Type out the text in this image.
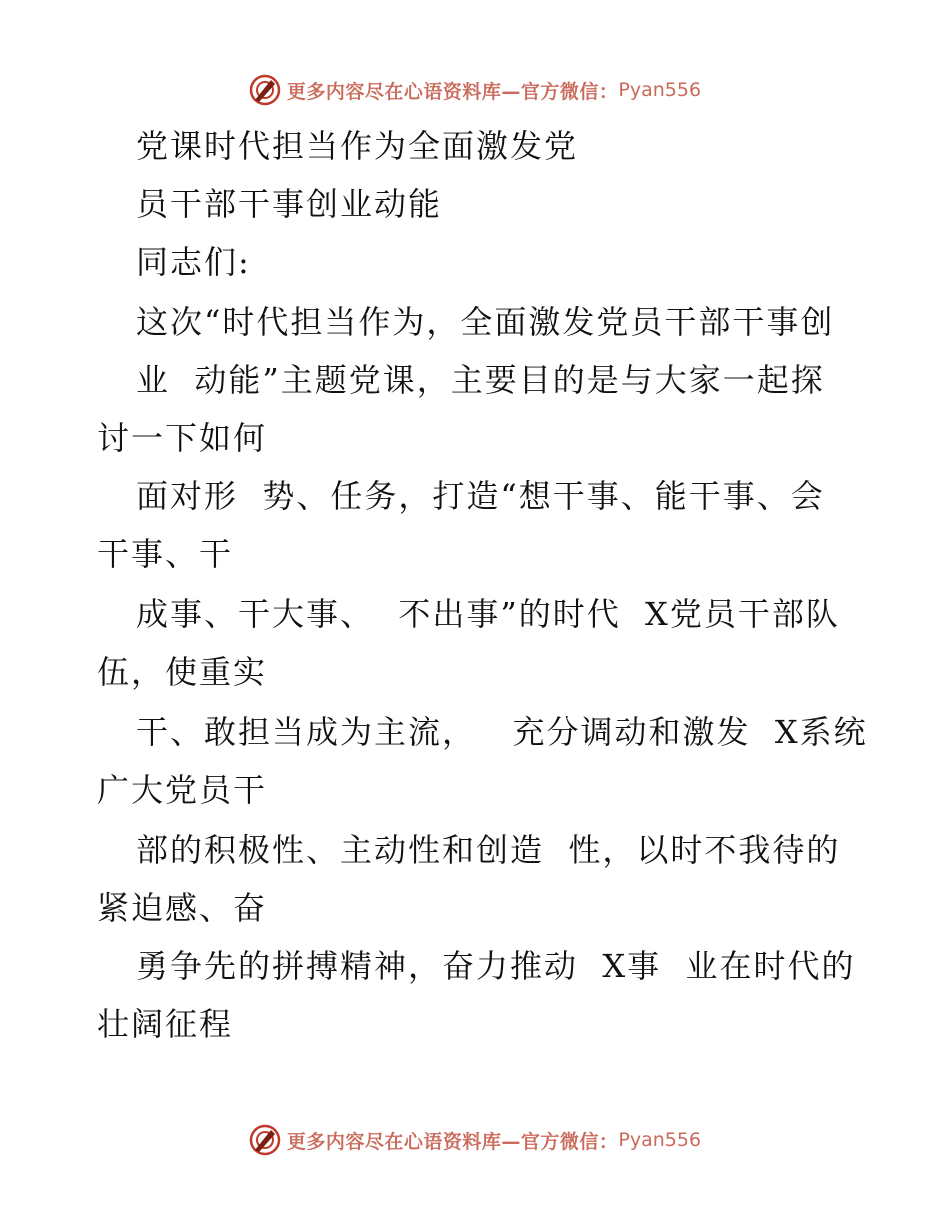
更多内容尽在心语资料库—官方微信： Pyan556
党课时代担当作为全面激发党
员干部干事创业动能
同志们:
这次“时代担当作为，全面激发党员干部干事创
业  动能”主题党课，主要目的是与大家一起探
讨一下如何
面对形  势、任务，打造“想干事、能干事、会
干事、干
成事、干大事、  不出事”的时代  X党员干部队
伍，使重实
干、敢担当成为主流，   充分调动和激发  X系统
广大党员干
部的积极性、主动性和创造  性，以时不我待的
紧迫感、奋
勇争先的拼搏精神，奋力推动  X事  业在时代的
壮阔征程
更多内容尽在心语资料库—官方微信： Pyan556
